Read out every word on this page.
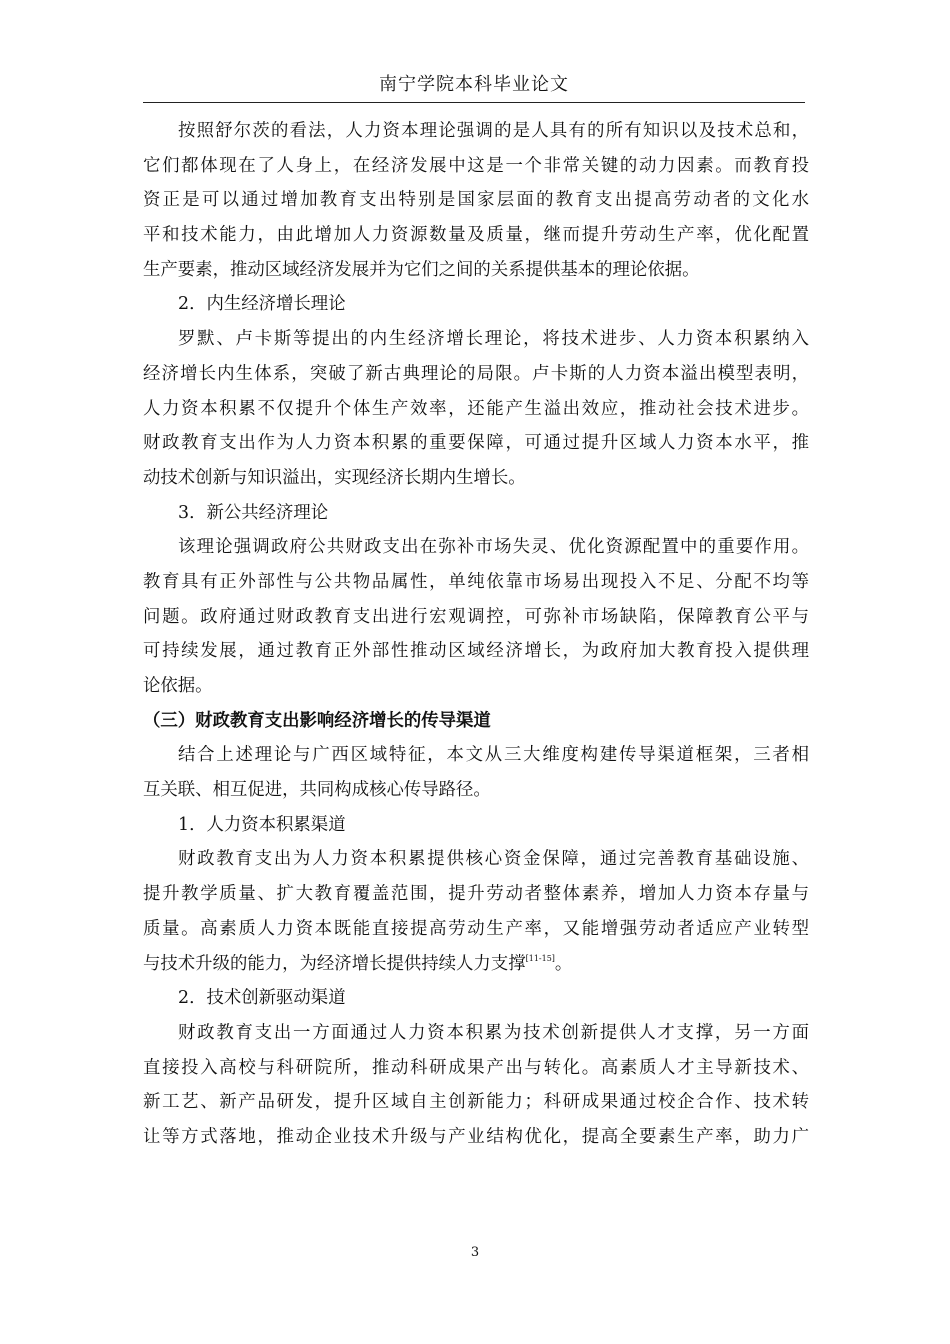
南宁学院本科毕业论文
按照舒尔茨的看法，人力资本理论强调的是人具有的所有知识以及技术总和，
它们都体现在了人身上，在经济发展中这是一个非常关键的动力因素。而教育投
资正是可以通过增加教育支出特别是国家层面的教育支出提高劳动者的文化水
平和技术能力，由此增加人力资源数量及质量，继而提升劳动生产率，优化配置
生产要素，推动区域经济发展并为它们之间的关系提供基本的理论依据。
2．内生经济增长理论
罗默、卢卡斯等提出的内生经济增长理论，将技术进步、人力资本积累纳入
经济增长内生体系，突破了新古典理论的局限。卢卡斯的人力资本溢出模型表明，
人力资本积累不仅提升个体生产效率，还能产生溢出效应，推动社会技术进步。
财政教育支出作为人力资本积累的重要保障，可通过提升区域人力资本水平，推
动技术创新与知识溢出，实现经济长期内生增长。
3．新公共经济理论
该理论强调政府公共财政支出在弥补市场失灵、优化资源配置中的重要作用。
教育具有正外部性与公共物品属性，单纯依靠市场易出现投入不足、分配不均等
问题。政府通过财政教育支出进行宏观调控，可弥补市场缺陷，保障教育公平与
可持续发展，通过教育正外部性推动区域经济增长，为政府加大教育投入提供理
论依据。
（三）财政教育支出影响经济增长的传导渠道
结合上述理论与广西区域特征，本文从三大维度构建传导渠道框架，三者相
互关联、相互促进，共同构成核心传导路径。
1．人力资本积累渠道
财政教育支出为人力资本积累提供核心资金保障，通过完善教育基础设施、
提升教学质量、扩大教育覆盖范围，提升劳动者整体素养，增加人力资本存量与
质量。高素质人力资本既能直接提高劳动生产率，又能增强劳动者适应产业转型
与技术升级的能力，为经济增长提供持续人力支撑[11-15]。
2．技术创新驱动渠道
财政教育支出一方面通过人力资本积累为技术创新提供人才支撑，另一方面
直接投入高校与科研院所，推动科研成果产出与转化。高素质人才主导新技术、
新工艺、新产品研发，提升区域自主创新能力；科研成果通过校企合作、技术转
让等方式落地，推动企业技术升级与产业结构优化，提高全要素生产率，助力广
3
